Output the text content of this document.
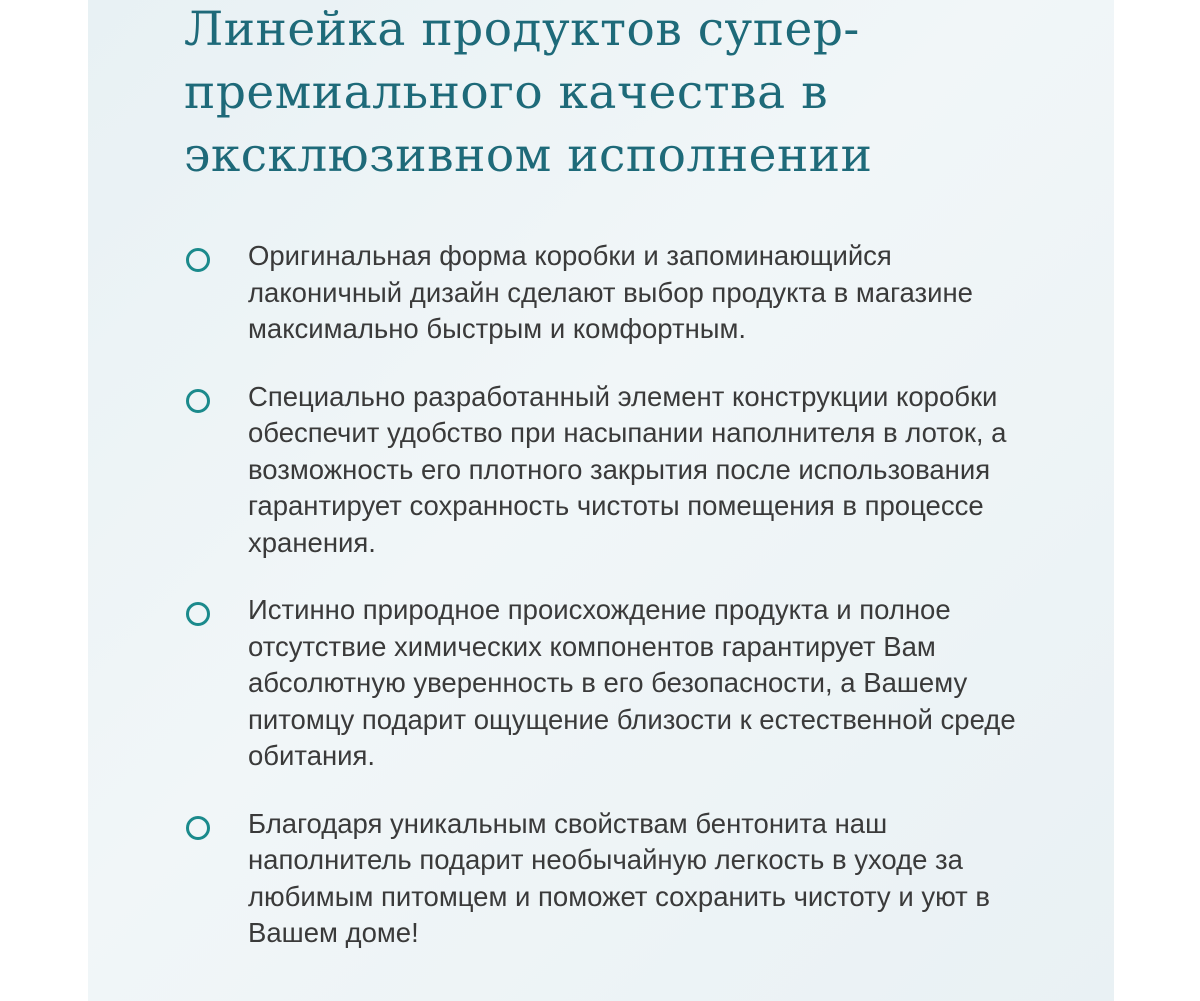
Линейка продуктов супер-премиального качества в эксклюзивном исполнении
Оригинальная форма коробки и запоминающийся лаконичный дизайн сделают выбор продукта в магазине максимально быстрым и комфортным.
Специально разработанный элемент конструкции коробки обеспечит удобство при насыпании наполнителя в лоток, а возможность его плотного закрытия после использования гарантирует сохранность чистоты помещения в процессе хранения.
Истинно природное происхождение продукта и полное отсутствие химических компонентов гарантирует Вам абсолютную уверенность в его безопасности, а Вашему питомцу подарит ощущение близости к естественной среде обитания.
Благодаря уникальным свойствам бентонита наш наполнитель подарит необычайную легкость в уходе за любимым питомцем и поможет сохранить чистоту и уют в Вашем доме!
